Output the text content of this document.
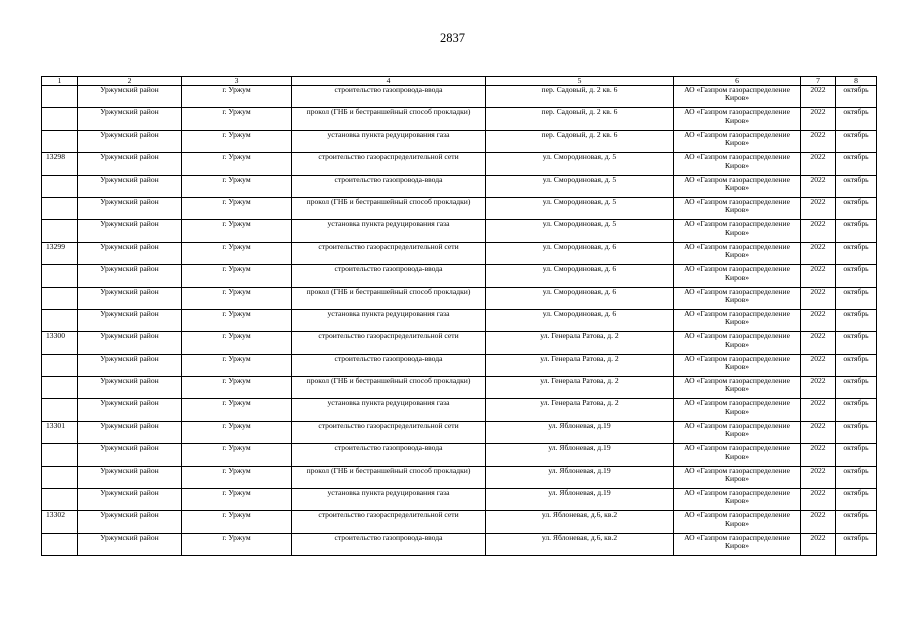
2837
1	2	3	4	5	6	7	8
	Уржумский район	г. Уржум	строительство газопровода-ввода	пер. Садовый, д. 2 кв. 6	АО «Газпром газораспределение Киров»	2022	октябрь
	Уржумский район	г. Уржум	прокол (ГНБ и бестраншейный способ прокладки)	пер. Садовый, д. 2 кв. 6	АО «Газпром газораспределение Киров»	2022	октябрь
	Уржумский район	г. Уржум	установка пункта редуцирования газа	пер. Садовый, д. 2 кв. 6	АО «Газпром газораспределение Киров»	2022	октябрь
13298	Уржумский район	г. Уржум	строительство газораспределительной сети	ул. Смородиновая, д. 5	АО «Газпром газораспределение Киров»	2022	октябрь
	Уржумский район	г. Уржум	строительство газопровода-ввода	ул. Смородиновая, д. 5	АО «Газпром газораспределение Киров»	2022	октябрь
	Уржумский район	г. Уржум	прокол (ГНБ и бестраншейный способ прокладки)	ул. Смородиновая, д. 5	АО «Газпром газораспределение Киров»	2022	октябрь
	Уржумский район	г. Уржум	установка пункта редуцирования газа	ул. Смородиновая, д. 5	АО «Газпром газораспределение Киров»	2022	октябрь
13299	Уржумский район	г. Уржум	строительство газораспределительной сети	ул. Смородиновая, д. 6	АО «Газпром газораспределение Киров»	2022	октябрь
	Уржумский район	г. Уржум	строительство газопровода-ввода	ул. Смородиновая, д. 6	АО «Газпром газораспределение Киров»	2022	октябрь
	Уржумский район	г. Уржум	прокол (ГНБ и бестраншейный способ прокладки)	ул. Смородиновая, д. 6	АО «Газпром газораспределение Киров»	2022	октябрь
	Уржумский район	г. Уржум	установка пункта редуцирования газа	ул. Смородиновая, д. 6	АО «Газпром газораспределение Киров»	2022	октябрь
13300	Уржумский район	г. Уржум	строительство газораспределительной сети	ул. Генерала Ратова, д. 2	АО «Газпром газораспределение Киров»	2022	октябрь
	Уржумский район	г. Уржум	строительство газопровода-ввода	ул. Генерала Ратова, д. 2	АО «Газпром газораспределение Киров»	2022	октябрь
	Уржумский район	г. Уржум	прокол (ГНБ и бестраншейный способ прокладки)	ул. Генерала Ратова, д. 2	АО «Газпром газораспределение Киров»	2022	октябрь
	Уржумский район	г. Уржум	установка пункта редуцирования газа	ул. Генерала Ратова, д. 2	АО «Газпром газораспределение Киров»	2022	октябрь
13301	Уржумский район	г. Уржум	строительство газораспределительной сети	ул. Яблоневая, д.19	АО «Газпром газораспределение Киров»	2022	октябрь
	Уржумский район	г. Уржум	строительство газопровода-ввода	ул. Яблоневая, д.19	АО «Газпром газораспределение Киров»	2022	октябрь
	Уржумский район	г. Уржум	прокол (ГНБ и бестраншейный способ прокладки)	ул. Яблоневая, д.19	АО «Газпром газораспределение Киров»	2022	октябрь
	Уржумский район	г. Уржум	установка пункта редуцирования газа	ул. Яблоневая, д.19	АО «Газпром газораспределение Киров»	2022	октябрь
13302	Уржумский район	г. Уржум	строительство газораспределительной сети	ул. Яблоневая, д.6, кв.2	АО «Газпром газораспределение Киров»	2022	октябрь
	Уржумский район	г. Уржум	строительство газопровода-ввода	ул. Яблоневая, д.6, кв.2	АО «Газпром газораспределение Киров»	2022	октябрь
